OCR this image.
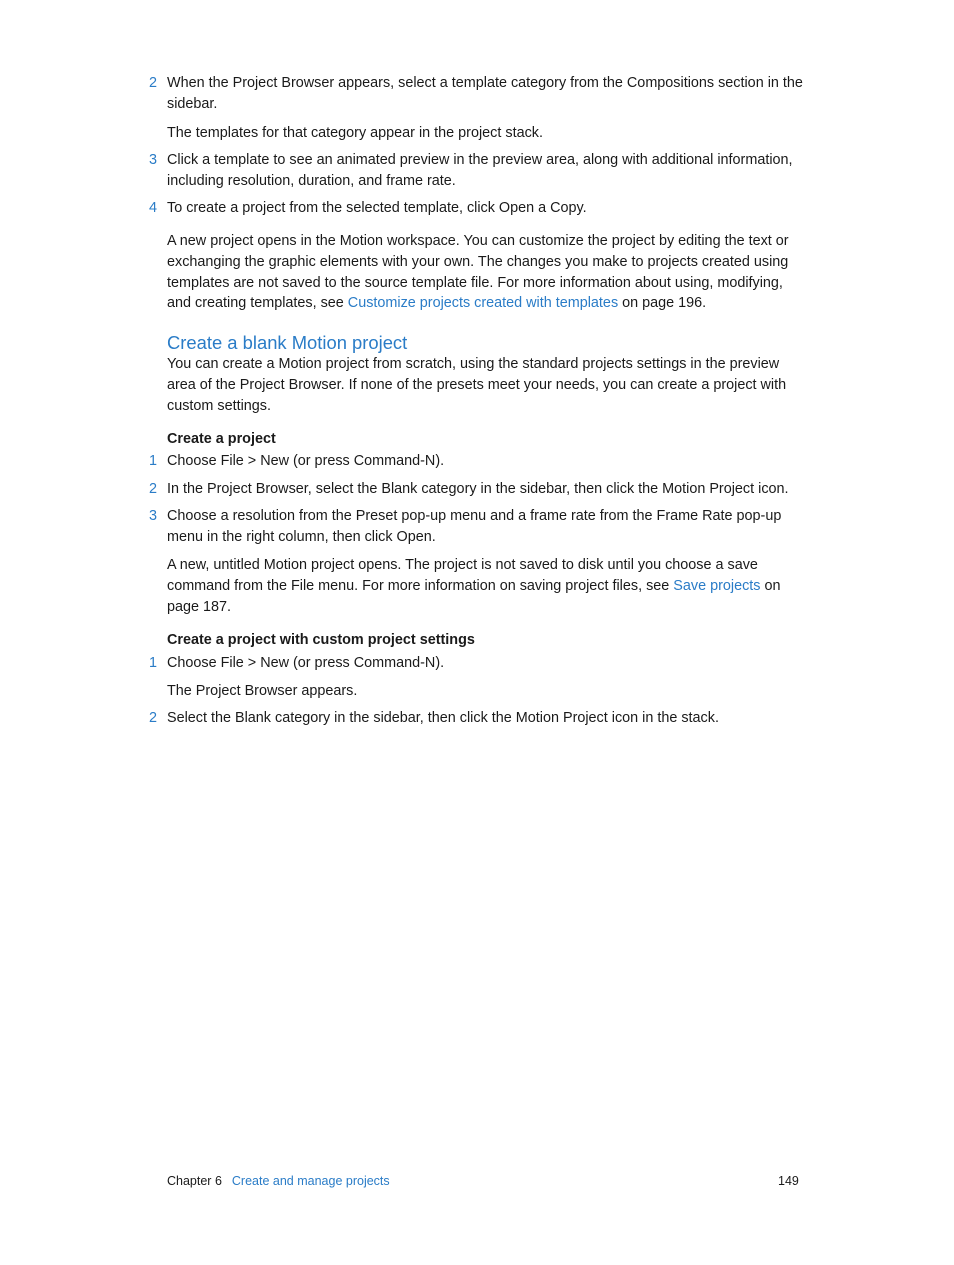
2 When the Project Browser appears, select a template category from the Compositions section in the sidebar.
The templates for that category appear in the project stack.
3 Click a template to see an animated preview in the preview area, along with additional information, including resolution, duration, and frame rate.
4 To create a project from the selected template, click Open a Copy.
A new project opens in the Motion workspace. You can customize the project by editing the text or exchanging the graphic elements with your own. The changes you make to projects created using templates are not saved to the source template file. For more information about using, modifying, and creating templates, see Customize projects created with templates on page 196.
Create a blank Motion project
You can create a Motion project from scratch, using the standard projects settings in the preview area of the Project Browser. If none of the presets meet your needs, you can create a project with custom settings.
Create a project
1 Choose File > New (or press Command-N).
2 In the Project Browser, select the Blank category in the sidebar, then click the Motion Project icon.
3 Choose a resolution from the Preset pop-up menu and a frame rate from the Frame Rate pop-up menu in the right column, then click Open.
A new, untitled Motion project opens. The project is not saved to disk until you choose a save command from the File menu. For more information on saving project files, see Save projects on page 187.
Create a project with custom project settings
1 Choose File > New (or press Command-N).
The Project Browser appears.
2 Select the Blank category in the sidebar, then click the Motion Project icon in the stack.
Chapter 6 Create and manage projects	149
